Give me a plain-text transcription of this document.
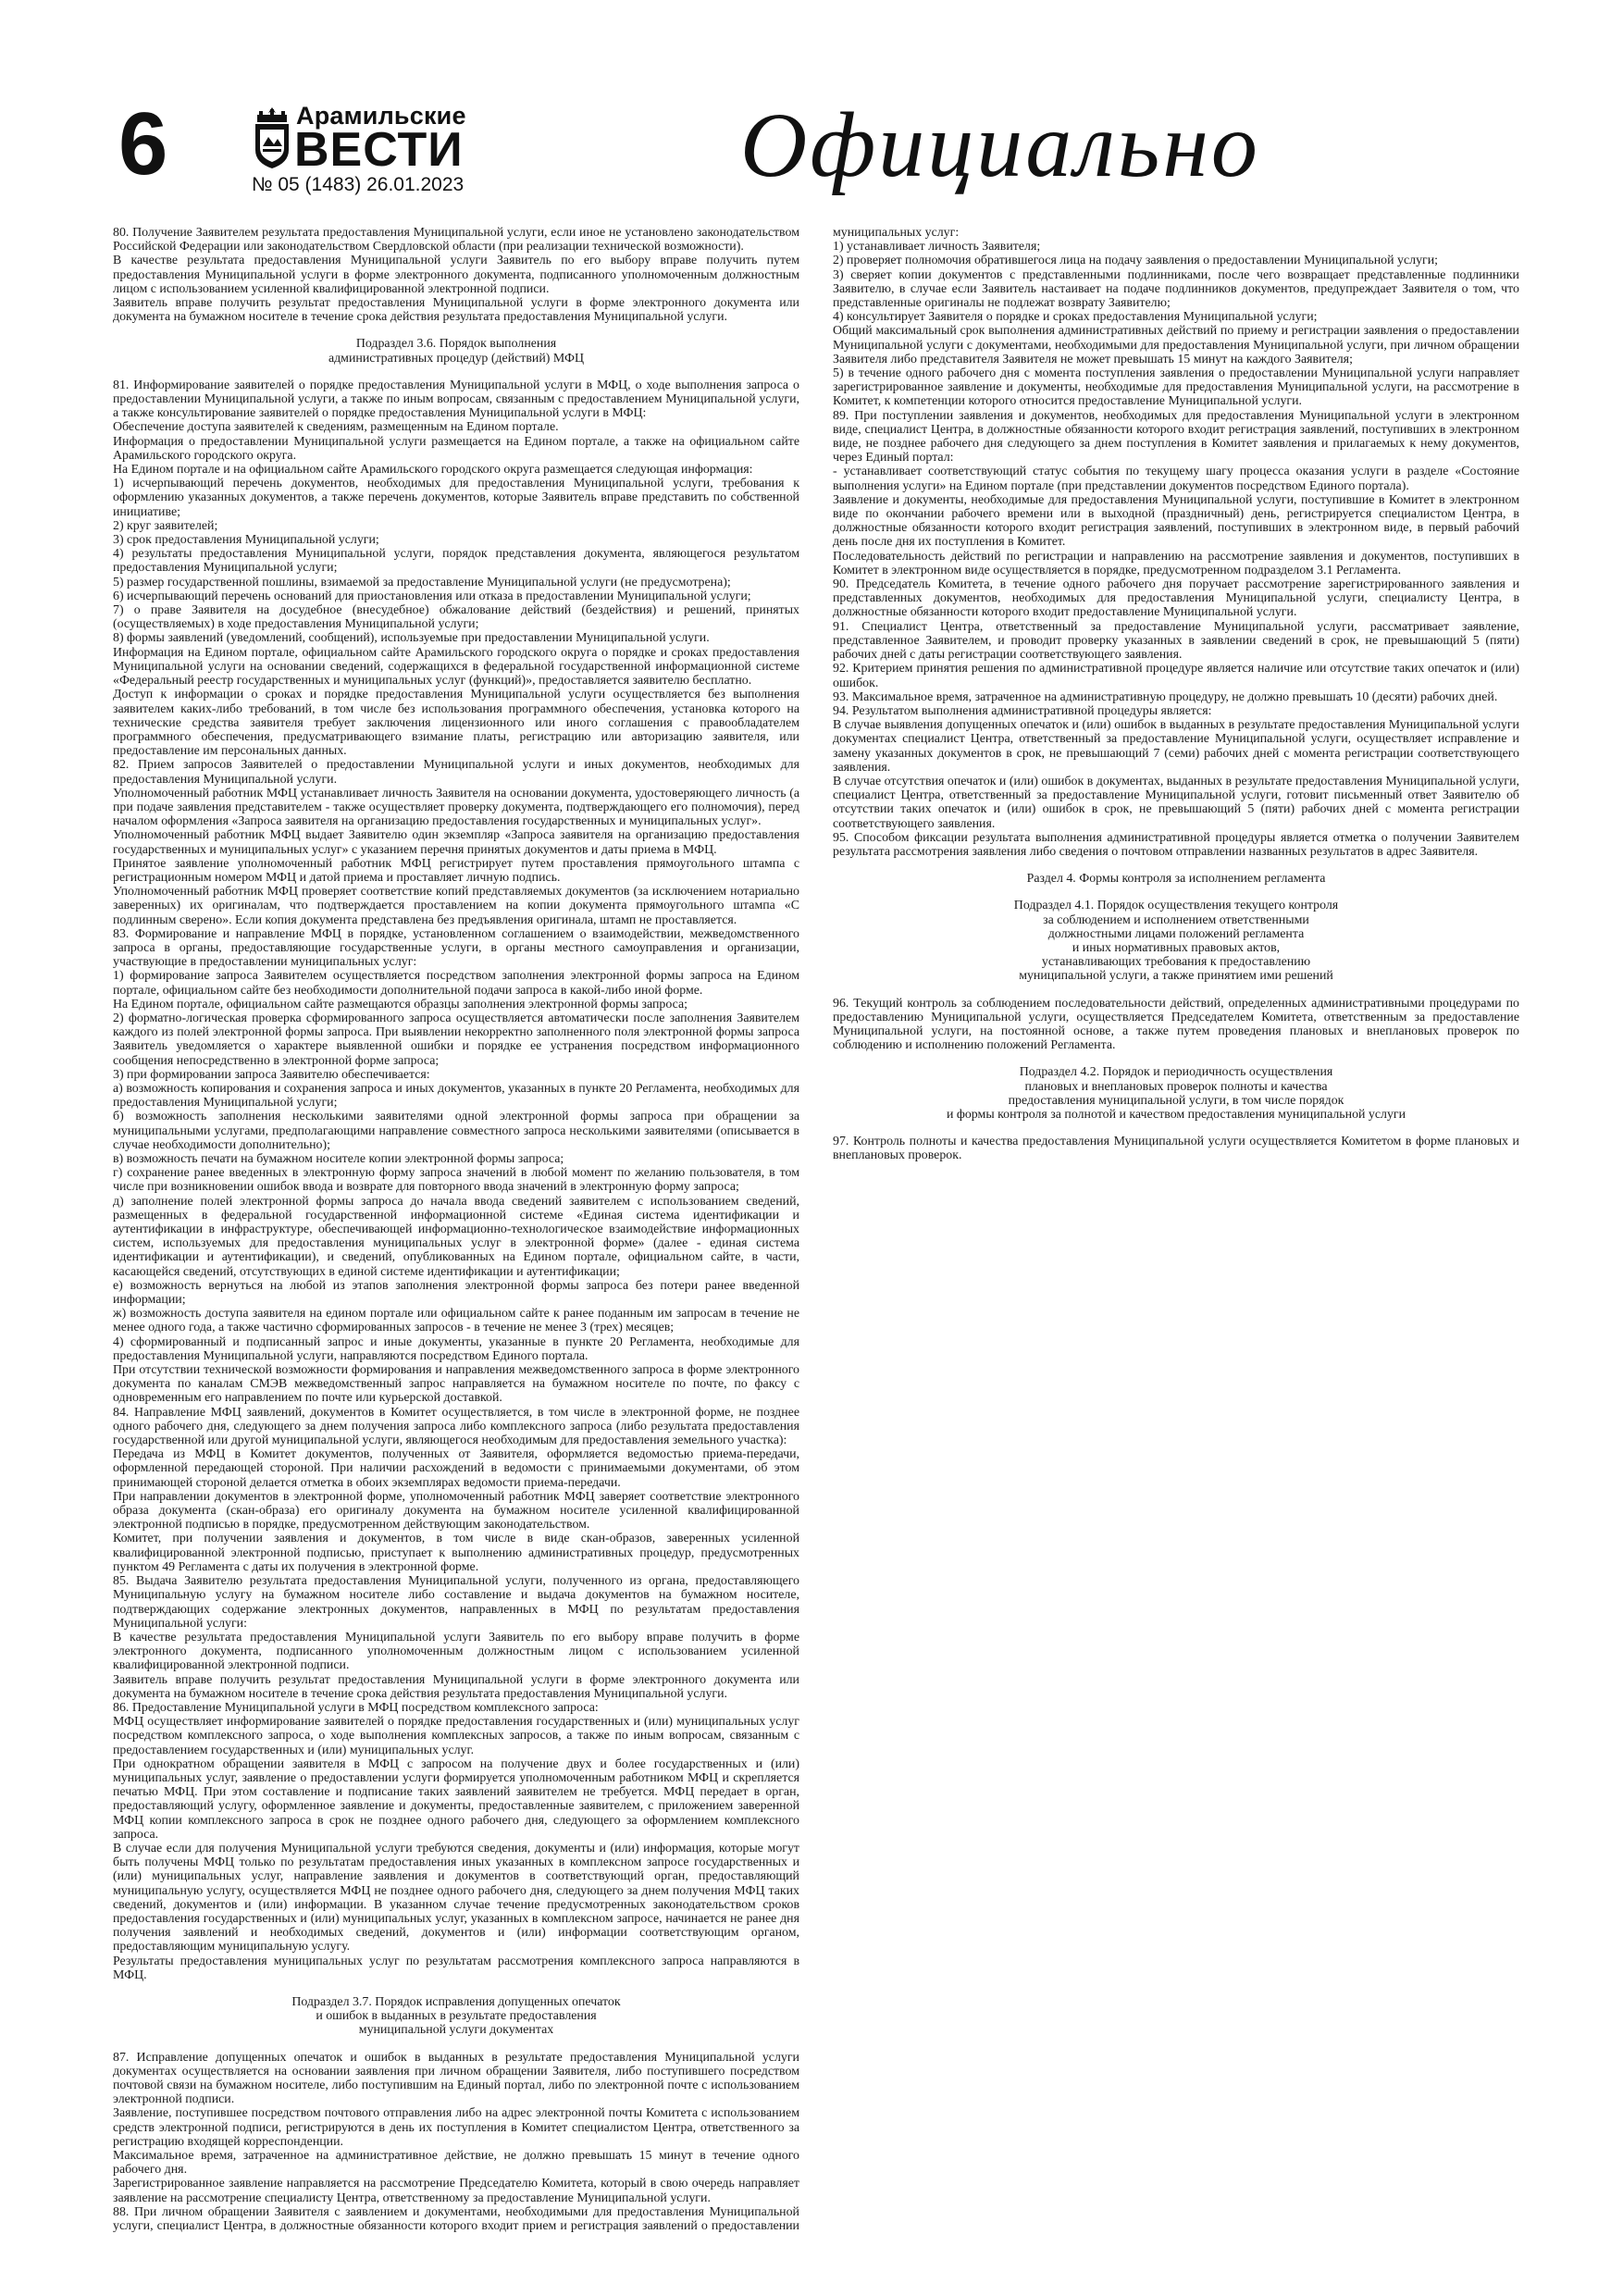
6	Арамильские
ВЕСТИ
№ 05 (1483) 26.01.2023	Официально

80. Получение Заявителем результата предоставления Муниципальной услуги, если иное не установлено законодательством Российской Федерации или законодательством Свердловской области (при реализации технической возможности).

В качестве результата предоставления Муниципальной услуги Заявитель по его выбору вправе получить путем предоставления Муниципальной услуги в форме электронного документа, подписанного уполномоченным должностным лицом с использованием усиленной квалифицированной электронной подписи.

Заявитель вправе получить результат предоставления Муниципальной услуги в форме электронного документа или документа на бумажном носителе в течение срока действия результата предоставления Муниципальной услуги.

Подраздел 3.6. Порядок выполнения
административных процедур (действий) МФЦ

81. Информирование заявителей о порядке предоставления Муниципальной услуги в МФЦ, о ходе выполнения запроса о предоставлении Муниципальной услуги, а также по иным вопросам, связанным с предоставлением Муниципальной услуги, а также консультирование заявителей о порядке предоставления Муниципальной услуги в МФЦ:

Обеспечение доступа заявителей к сведениям, размещенным на Едином портале.

Информация о предоставлении Муниципальной услуги размещается на Едином портале, а также на официальном сайте Арамильского городского округа.

На Едином портале и на официальном сайте Арамильского городского округа размещается следующая информация:

1) исчерпывающий перечень документов, необходимых для предоставления Муниципальной услуги, требования к оформлению указанных документов, а также перечень документов, которые Заявитель вправе представить по собственной инициативе;

2) круг заявителей;

3) срок предоставления Муниципальной услуги;

4) результаты предоставления Муниципальной услуги, порядок представления документа, являющегося результатом предоставления Муниципальной услуги;

5) размер государственной пошлины, взимаемой за предоставление Муниципальной услуги (не предусмотрена);

6) исчерпывающий перечень оснований для приостановления или отказа в предоставлении Муниципальной услуги;

7) о праве Заявителя на досудебное (внесудебное) обжалование действий (бездействия) и решений, принятых (осуществляемых) в ходе предоставления Муниципальной услуги;

8) формы заявлений (уведомлений, сообщений), используемые при предоставлении Муниципальной услуги.

Информация на Едином портале, официальном сайте Арамильского городского округа о порядке и сроках предоставления Муниципальной услуги на основании сведений, содержащихся в федеральной государственной информационной системе «Федеральный реестр государственных и муниципальных услуг (функций)», предоставляется заявителю бесплатно.

Доступ к информации о сроках и порядке предоставления Муниципальной услуги осуществляется без выполнения заявителем каких-либо требований, в том числе без использования программного обеспечения, установка которого на технические средства заявителя требует заключения лицензионного или иного соглашения с правообладателем программного обеспечения, предусматривающего взимание платы, регистрацию или авторизацию заявителя, или предоставление им персональных данных.

82. Прием запросов Заявителей о предоставлении Муниципальной услуги и иных документов, необходимых для предоставления Муниципальной услуги.

Уполномоченный работник МФЦ устанавливает личность Заявителя на основании документа, удостоверяющего личность (а при подаче заявления представителем - также осуществляет проверку документа, подтверждающего его полномочия), перед началом оформления «Запроса заявителя на организацию предоставления государственных и муниципальных услуг».

Уполномоченный работник МФЦ выдает Заявителю один экземпляр «Запроса заявителя на организацию предоставления государственных и муниципальных услуг» с указанием перечня принятых документов и даты приема в МФЦ.

Принятое заявление уполномоченный работник МФЦ регистрирует путем проставления прямоугольного штампа с регистрационным номером МФЦ и датой приема и проставляет личную подпись.

Уполномоченный работник МФЦ проверяет соответствие копий представляемых документов (за исключением нотариально заверенных) их оригиналам, что подтверждается проставлением на копии документа прямоугольного штампа «С подлинным сверено». Если копия документа представлена без предъявления оригинала, штамп не проставляется.

83. Формирование и направление МФЦ в порядке, установленном соглашением о взаимодействии, межведомственного запроса в органы, предоставляющие государственные услуги, в органы местного самоуправления и организации, участвующие в предоставлении муниципальных услуг:

1) формирование запроса Заявителем осуществляется посредством заполнения электронной формы запроса на Едином портале, официальном сайте без необходимости дополнительной подачи запроса в какой-либо иной форме.

На Едином портале, официальном сайте размещаются образцы заполнения электронной формы запроса;

2) форматно-логическая проверка сформированного запроса осуществляется автоматически после заполнения Заявителем каждого из полей электронной формы запроса. При выявлении некорректно заполненного поля электронной формы запроса Заявитель уведомляется о характере выявленной ошибки и порядке ее устранения посредством информационного сообщения непосредственно в электронной форме запроса;

3) при формировании запроса Заявителю обеспечивается:

а) возможность копирования и сохранения запроса и иных документов, указанных в пункте 20 Регламента, необходимых для предоставления Муниципальной услуги;

б) возможность заполнения несколькими заявителями одной электронной формы запроса при обращении за муниципальными услугами, предполагающими направление совместного запроса несколькими заявителями (описывается в случае необходимости дополнительно);

в) возможность печати на бумажном носителе копии электронной формы запроса;

г) сохранение ранее введенных в электронную форму запроса значений в любой момент по желанию пользователя, в том числе при возникновении ошибок ввода и возврате для повторного ввода значений в электронную форму запроса;

д) заполнение полей электронной формы запроса до начала ввода сведений заявителем с использованием сведений, размещенных в федеральной государственной информационной системе «Единая система идентификации и аутентификации в инфраструктуре, обеспечивающей информационно-технологическое взаимодействие информационных систем, используемых для предоставления муниципальных услуг в электронной форме» (далее - единая система идентификации и аутентификации), и сведений, опубликованных на Едином портале, официальном сайте, в части, касающейся сведений, отсутствующих в единой системе идентификации и аутентификации;

е) возможность вернуться на любой из этапов заполнения электронной формы запроса без потери ранее введенной информации;

ж) возможность доступа заявителя на едином портале или официальном сайте к ранее поданным им запросам в течение не менее одного года, а также частично сформированных запросов - в течение не менее 3 (трех) месяцев;

4) сформированный и подписанный запрос и иные документы, указанные в пункте 20 Регламента, необходимые для предоставления Муниципальной услуги, направляются посредством Единого портала.

При отсутствии технической возможности формирования и направления межведомственного запроса в форме электронного документа по каналам СМЭВ межведомственный запрос направляется на бумажном носителе по почте, по факсу с одновременным его направлением по почте или курьерской доставкой.

84. Направление МФЦ заявлений, документов в Комитет осуществляется, в том числе в электронной форме, не позднее одного рабочего дня, следующего за днем получения запроса либо комплексного запроса (либо результата предоставления государственной или другой муниципальной услуги, являющегося необходимым для предоставления земельного участка):

Передача из МФЦ в Комитет документов, полученных от Заявителя, оформляется ведомостью приема-передачи, оформленной передающей стороной. При наличии расхождений в ведомости с принимаемыми документами, об этом принимающей стороной делается отметка в обоих экземплярах ведомости приема-передачи.

При направлении документов в электронной форме, уполномоченный работник МФЦ заверяет соответствие электронного образа документа (скан-образа) его оригиналу документа на бумажном носителе усиленной квалифицированной электронной подписью в порядке, предусмотренном действующим законодательством.

Комитет, при получении заявления и документов, в том числе в виде скан-образов, заверенных усиленной квалифицированной электронной подписью, приступает к выполнению административных процедур, предусмотренных пунктом 49 Регламента с даты их получения в электронной форме.

85. Выдача Заявителю результата предоставления Муниципальной услуги, полученного из органа, предоставляющего Муниципальную услугу на бумажном носителе либо составление и выдача документов на бумажном носителе, подтверждающих содержание электронных документов, направленных в МФЦ по результатам предоставления Муниципальной услуги:

В качестве результата предоставления Муниципальной услуги Заявитель по его выбору вправе получить в форме электронного документа, подписанного уполномоченным должностным лицом с использованием усиленной квалифицированной электронной подписи.

Заявитель вправе получить результат предоставления Муниципальной услуги в форме электронного документа или документа на бумажном носителе в течение срока действия результата предоставления Муниципальной услуги.

86. Предоставление Муниципальной услуги в МФЦ посредством комплексного запроса:

МФЦ осуществляет информирование заявителей о порядке предоставления государственных и (или) муниципальных услуг посредством комплексного запроса, о ходе выполнения комплексных запросов, а также по иным вопросам, связанным с предоставлением государственных и (или) муниципальных услуг.

При однократном обращении заявителя в МФЦ с запросом на получение двух и более государственных и (или) муниципальных услуг, заявление о предоставлении услуги формируется уполномоченным работником МФЦ и скрепляется печатью МФЦ. При этом составление и подписание таких заявлений заявителем не требуется. МФЦ передает в орган, предоставляющий услугу, оформленное заявление и документы, предоставленные заявителем, с приложением заверенной МФЦ копии комплексного запроса в срок не позднее одного рабочего дня, следующего за оформлением комплексного запроса.

В случае если для получения Муниципальной услуги требуются сведения, документы и (или) информация, которые могут быть получены МФЦ только по результатам предоставления иных указанных в комплексном запросе государственных и (или) муниципальных услуг, направление заявления и документов в соответствующий орган, предоставляющий муниципальную услугу, осуществляется МФЦ не позднее одного рабочего дня, следующего за днем получения МФЦ таких сведений, документов и (или) информации. В указанном случае течение предусмотренных законодательством сроков предоставления государственных и (или) муниципальных услуг, указанных в комплексном запросе, начинается не ранее дня получения заявлений и необходимых сведений, документов и (или) информации соответствующим органом, предоставляющим муниципальную услугу.

Результаты предоставления муниципальных услуг по результатам рассмотрения комплексного запроса направляются в МФЦ.

Подраздел 3.7. Порядок исправления допущенных опечаток
и ошибок в выданных в результате предоставления
муниципальной услуги документах

87. Исправление допущенных опечаток и ошибок в выданных в результате предоставления Муниципальной услуги документах осуществляется на основании заявления при личном обращении Заявителя, либо поступившего посредством почтовой связи на бумажном носителе, либо поступившим на Единый портал, либо по электронной почте с использованием электронной подписи.

Заявление, поступившее посредством почтового отправления либо на адрес электронной почты Комитета с использованием средств электронной подписи, регистрируются в день их поступления в Комитет специалистом Центра, ответственного за регистрацию входящей корреспонденции.

Максимальное время, затраченное на административное действие, не должно превышать 15 минут в течение одного рабочего дня.

Зарегистрированное заявление направляется на рассмотрение Председателю Комитета, который в свою очередь направляет заявление на рассмотрение специалисту Центра, ответственному за предоставление Муниципальной услуги.

88. При личном обращении Заявителя с заявлением и документами, необходимыми для предоставления Муниципальной услуги, специалист Центра, в должностные обязанности которого входит прием и регистрация заявлений о предоставлении муниципальных услуг:

1) устанавливает личность Заявителя;

2) проверяет полномочия обратившегося лица на подачу заявления о предоставлении Муниципальной услуги;

3) сверяет копии документов с представленными подлинниками, после чего возвращает представленные подлинники Заявителю, в случае если Заявитель настаивает на подаче подлинников документов, предупреждает Заявителя о том, что представленные оригиналы не подлежат возврату Заявителю;

4) консультирует Заявителя о порядке и сроках предоставления Муниципальной услуги;

Общий максимальный срок выполнения административных действий по приему и регистрации заявления о предоставлении Муниципальной услуги с документами, необходимыми для предоставления Муниципальной услуги, при личном обращении Заявителя либо представителя Заявителя не может превышать 15 минут на каждого Заявителя;

5) в течение одного рабочего дня с момента поступления заявления о предоставлении Муниципальной услуги направляет зарегистрированное заявление и документы, необходимые для предоставления Муниципальной услуги, на рассмотрение в Комитет, к компетенции которого относится предоставление Муниципальной услуги.

89. При поступлении заявления и документов, необходимых для предоставления Муниципальной услуги в электронном виде, специалист Центра, в должностные обязанности которого входит регистрация заявлений, поступивших в электронном виде, не позднее рабочего дня следующего за днем поступления в Комитет заявления и прилагаемых к нему документов, через Единый портал:

- устанавливает соответствующий статус события по текущему шагу процесса оказания услуги в разделе «Состояние выполнения услуги» на Едином портале (при представлении документов посредством Единого портала).

Заявление и документы, необходимые для предоставления Муниципальной услуги, поступившие в Комитет в электронном виде по окончании рабочего времени или в выходной (праздничный) день, регистрируется специалистом Центра, в должностные обязанности которого входит регистрация заявлений, поступивших в электронном виде, в первый рабочий день после дня их поступления в Комитет.

Последовательность действий по регистрации и направлению на рассмотрение заявления и документов, поступивших в Комитет в электронном виде осуществляется в порядке, предусмотренном подразделом 3.1 Регламента.

90. Председатель Комитета, в течение одного рабочего дня поручает рассмотрение зарегистрированного заявления и представленных документов, необходимых для предоставления Муниципальной услуги, специалисту Центра, в должностные обязанности которого входит предоставление Муниципальной услуги.

91. Специалист Центра, ответственный за предоставление Муниципальной услуги, рассматривает заявление, представленное Заявителем, и проводит проверку указанных в заявлении сведений в срок, не превышающий 5 (пяти) рабочих дней с даты регистрации соответствующего заявления.

92. Критерием принятия решения по административной процедуре является наличие или отсутствие таких опечаток и (или) ошибок.

93. Максимальное время, затраченное на административную процедуру, не должно превышать 10 (десяти) рабочих дней.

94. Результатом выполнения административной процедуры является:

В случае выявления допущенных опечаток и (или) ошибок в выданных в результате предоставления Муниципальной услуги документах специалист Центра, ответственный за предоставление Муниципальной услуги, осуществляет исправление и замену указанных документов в срок, не превышающий 7 (семи) рабочих дней с момента регистрации соответствующего заявления.

В случае отсутствия опечаток и (или) ошибок в документах, выданных в результате предоставления Муниципальной услуги, специалист Центра, ответственный за предоставление Муниципальной услуги, готовит письменный ответ Заявителю об отсутствии таких опечаток и (или) ошибок в срок, не превышающий 5 (пяти) рабочих дней с момента регистрации соответствующего заявления.

95. Способом фиксации результата выполнения административной процедуры является отметка о получении Заявителем результата рассмотрения заявления либо сведения о почтовом отправлении названных результатов в адрес Заявителя.

Раздел 4. Формы контроля за исполнением регламента
Подраздел 4.1. Порядок осуществления текущего контроля
за соблюдением и исполнением ответственными
должностными лицами положений регламента
и иных нормативных правовых актов,
устанавливающих требования к предоставлению
муниципальной услуги, а также принятием ими решений

96. Текущий контроль за соблюдением последовательности действий, определенных административными процедурами по предоставлению Муниципальной услуги, осуществляется Председателем Комитета, ответственным за предоставление Муниципальной услуги, на постоянной основе, а также путем проведения плановых и внеплановых проверок по соблюдению и исполнению положений Регламента.

Подраздел 4.2. Порядок и периодичность осуществления
плановых и внеплановых проверок полноты и качества
предоставления муниципальной услуги, в том числе порядок
и формы контроля за полнотой и качеством предоставления муниципальной услуги

97. Контроль полноты и качества предоставления Муниципальной услуги осуществляется Комитетом в форме плановых и внеплановых проверок.
